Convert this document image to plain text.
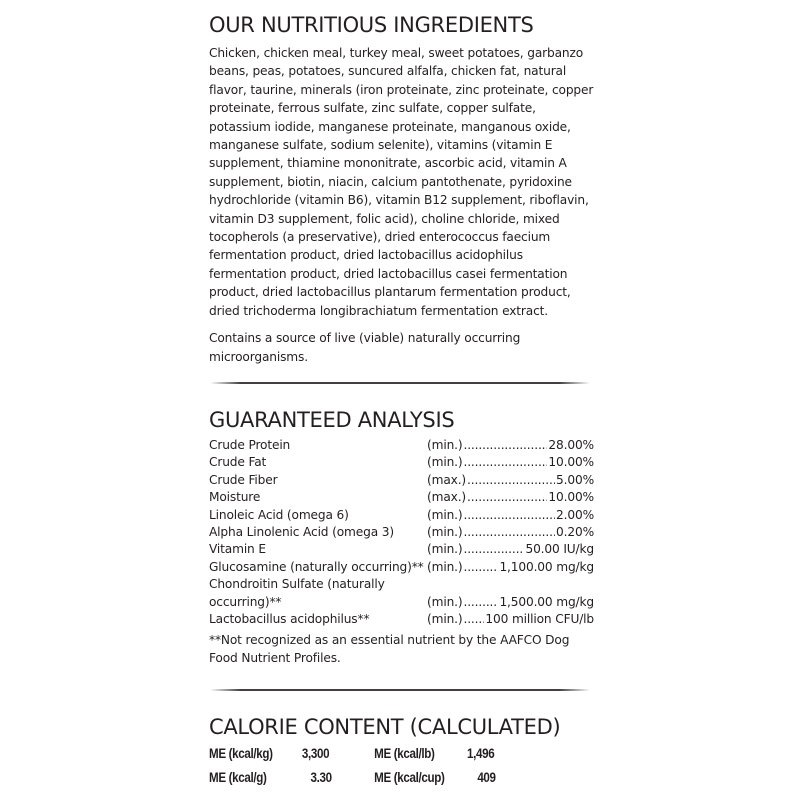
OUR NUTRITIOUS INGREDIENTS

Chicken, chicken meal, turkey meal, sweet potatoes, garbanzo beans, peas, potatoes, suncured alfalfa, chicken fat, natural flavor, taurine, minerals (iron proteinate, zinc proteinate, copper proteinate, ferrous sulfate, zinc sulfate, copper sulfate, potassium iodide, manganese proteinate, manganous oxide, manganese sulfate, sodium selenite), vitamins (vitamin E supplement, thiamine mononitrate, ascorbic acid, vitamin A supplement, biotin, niacin, calcium pantothenate, pyridoxine hydrochloride (vitamin B6), vitamin B12 supplement, riboflavin, vitamin D3 supplement, folic acid), choline chloride, mixed tocopherols (a preservative), dried enterococcus faecium fermentation product, dried lactobacillus acidophilus fermentation product, dried lactobacillus casei fermentation product, dried lactobacillus plantarum fermentation product, dried trichoderma longibrachiatum fermentation extract.

Contains a source of live (viable) naturally occurring microorganisms.

GUARANTEED ANALYSIS
Crude Protein	(min.) .....	28.00%
Crude Fat	(min.) .....	10.00%
Crude Fiber	(max.) .....	5.00%
Moisture	(max.) .....	10.00%
Linoleic Acid (omega 6)	(min.) .....	2.00%
Alpha Linolenic Acid (omega 3)	(min.) .....	0.20%
Vitamin E	(min.) .....	50.00 IU/kg
Glucosamine (naturally occurring)** (min.) .....	1,100.00 mg/kg
Chondroitin Sulfate (naturally occurring)**	(min.) .....	1,500.00 mg/kg
Lactobacillus acidophilus**	(min.) ..... 100 million CFU/lb
**Not recognized as an essential nutrient by the AAFCO Dog Food Nutrient Profiles.
CALORIE CONTENT (CALCULATED)
ME (kcal/kg)	3,300	ME (kcal/lb)	1,496
ME (kcal/g)	3.30	ME (kcal/cup)	409
